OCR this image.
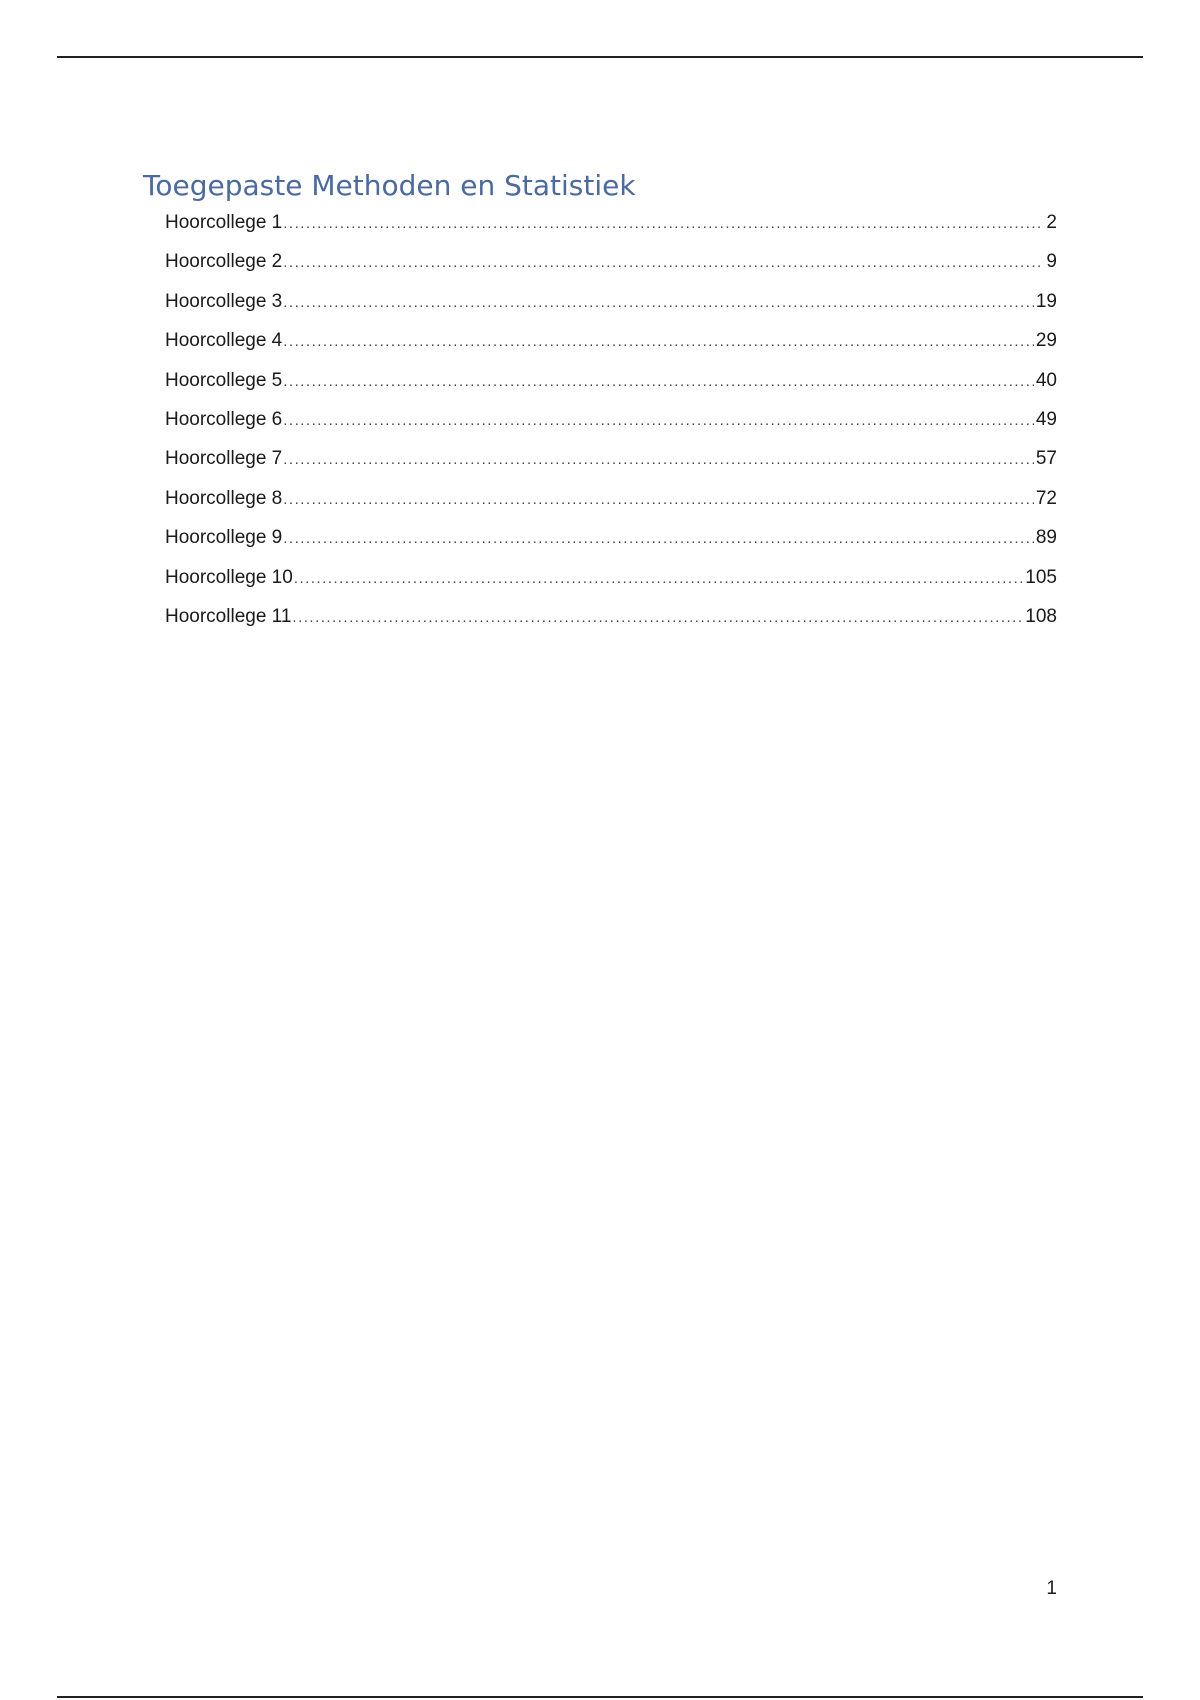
Toegepaste Methoden en Statistiek
Hoorcollege 1 .....	2
Hoorcollege 2 .....	9
Hoorcollege 3 .....	19
Hoorcollege 4 .....	29
Hoorcollege 5 .....	40
Hoorcollege 6 .....	49
Hoorcollege 7 .....	57
Hoorcollege 8 .....	72
Hoorcollege 9 .....	89
Hoorcollege 10 .....	105
Hoorcollege 11 .....	108
1
